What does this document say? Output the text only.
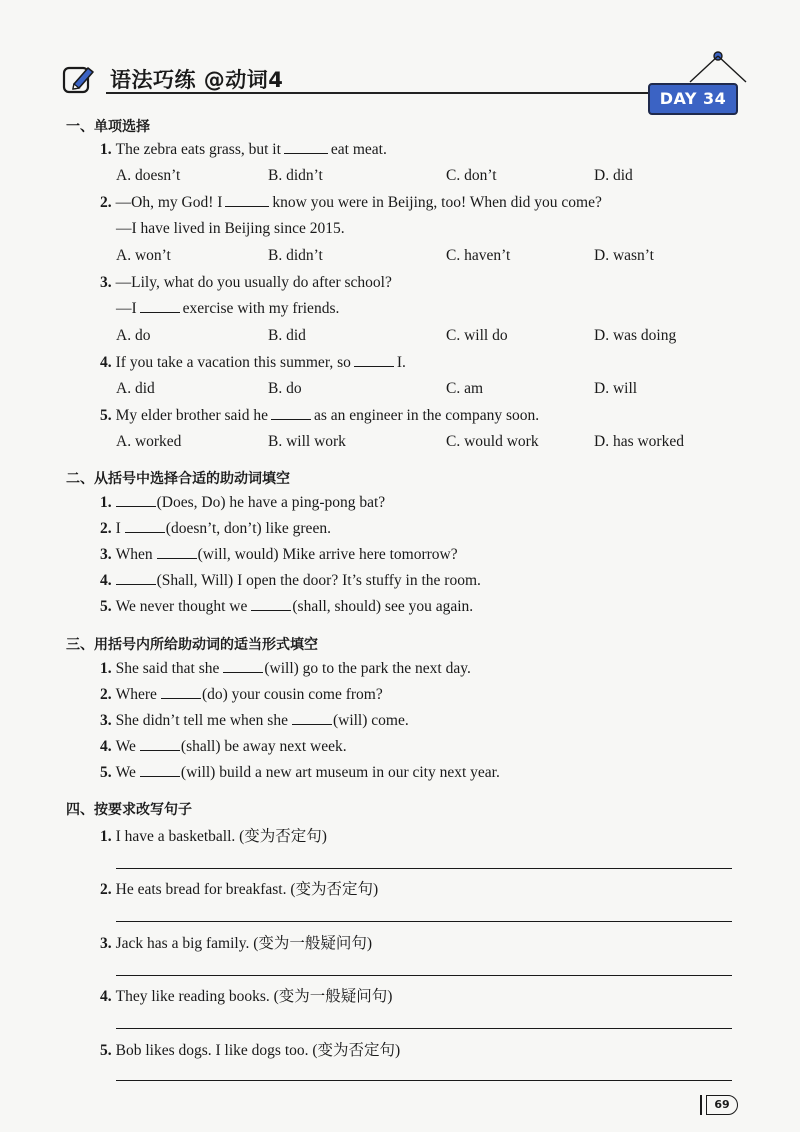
语法巧练 @动词4
DAY 34
一、单项选择
1. The zebra eats grass, but it	eat meat.
A. doesn’t	B. didn’t	C. don’t	D. did
2. —Oh, my God! I	know you were in Beijing, too! When did you come?
—I have lived in Beijing since 2015.
A. won’t	B. didn’t	C. haven’t	D. wasn’t
3. —Lily, what do you usually do after school?
—I	exercise with my friends.
A. do	B. did	C. will do	D. was doing
4. If you take a vacation this summer, so	I.
A. did	B. do	C. am	D. will
5. My elder brother said he	as an engineer in the company soon.
A. worked	B. will work	C. would work	D. has worked
二、从括号中选择合适的助动词填空
1.	(Does, Do) he have a ping-pong bat?
2. I	(doesn’t, don’t) like green.
3. When	(will, would) Mike arrive here tomorrow?
4.	(Shall, Will) I open the door? It’s stuffy in the room.
5. We never thought we	(shall, should) see you again.
三、用括号内所给助动词的适当形式填空
1. She said that she	(will) go to the park the next day.
2. Where	(do) your cousin come from?
3. She didn’t tell me when she	(will) come.
4. We	(shall) be away next week.
5. We	(will) build a new art museum in our city next year.
四、按要求改写句子
1. I have a basketball. (变为否定句)
2. He eats bread for breakfast. (变为否定句)
3. Jack has a big family. (变为一般疑问句)
4. They like reading books. (变为一般疑问句)
5. Bob likes dogs. I like dogs too. (变为否定句)
69
